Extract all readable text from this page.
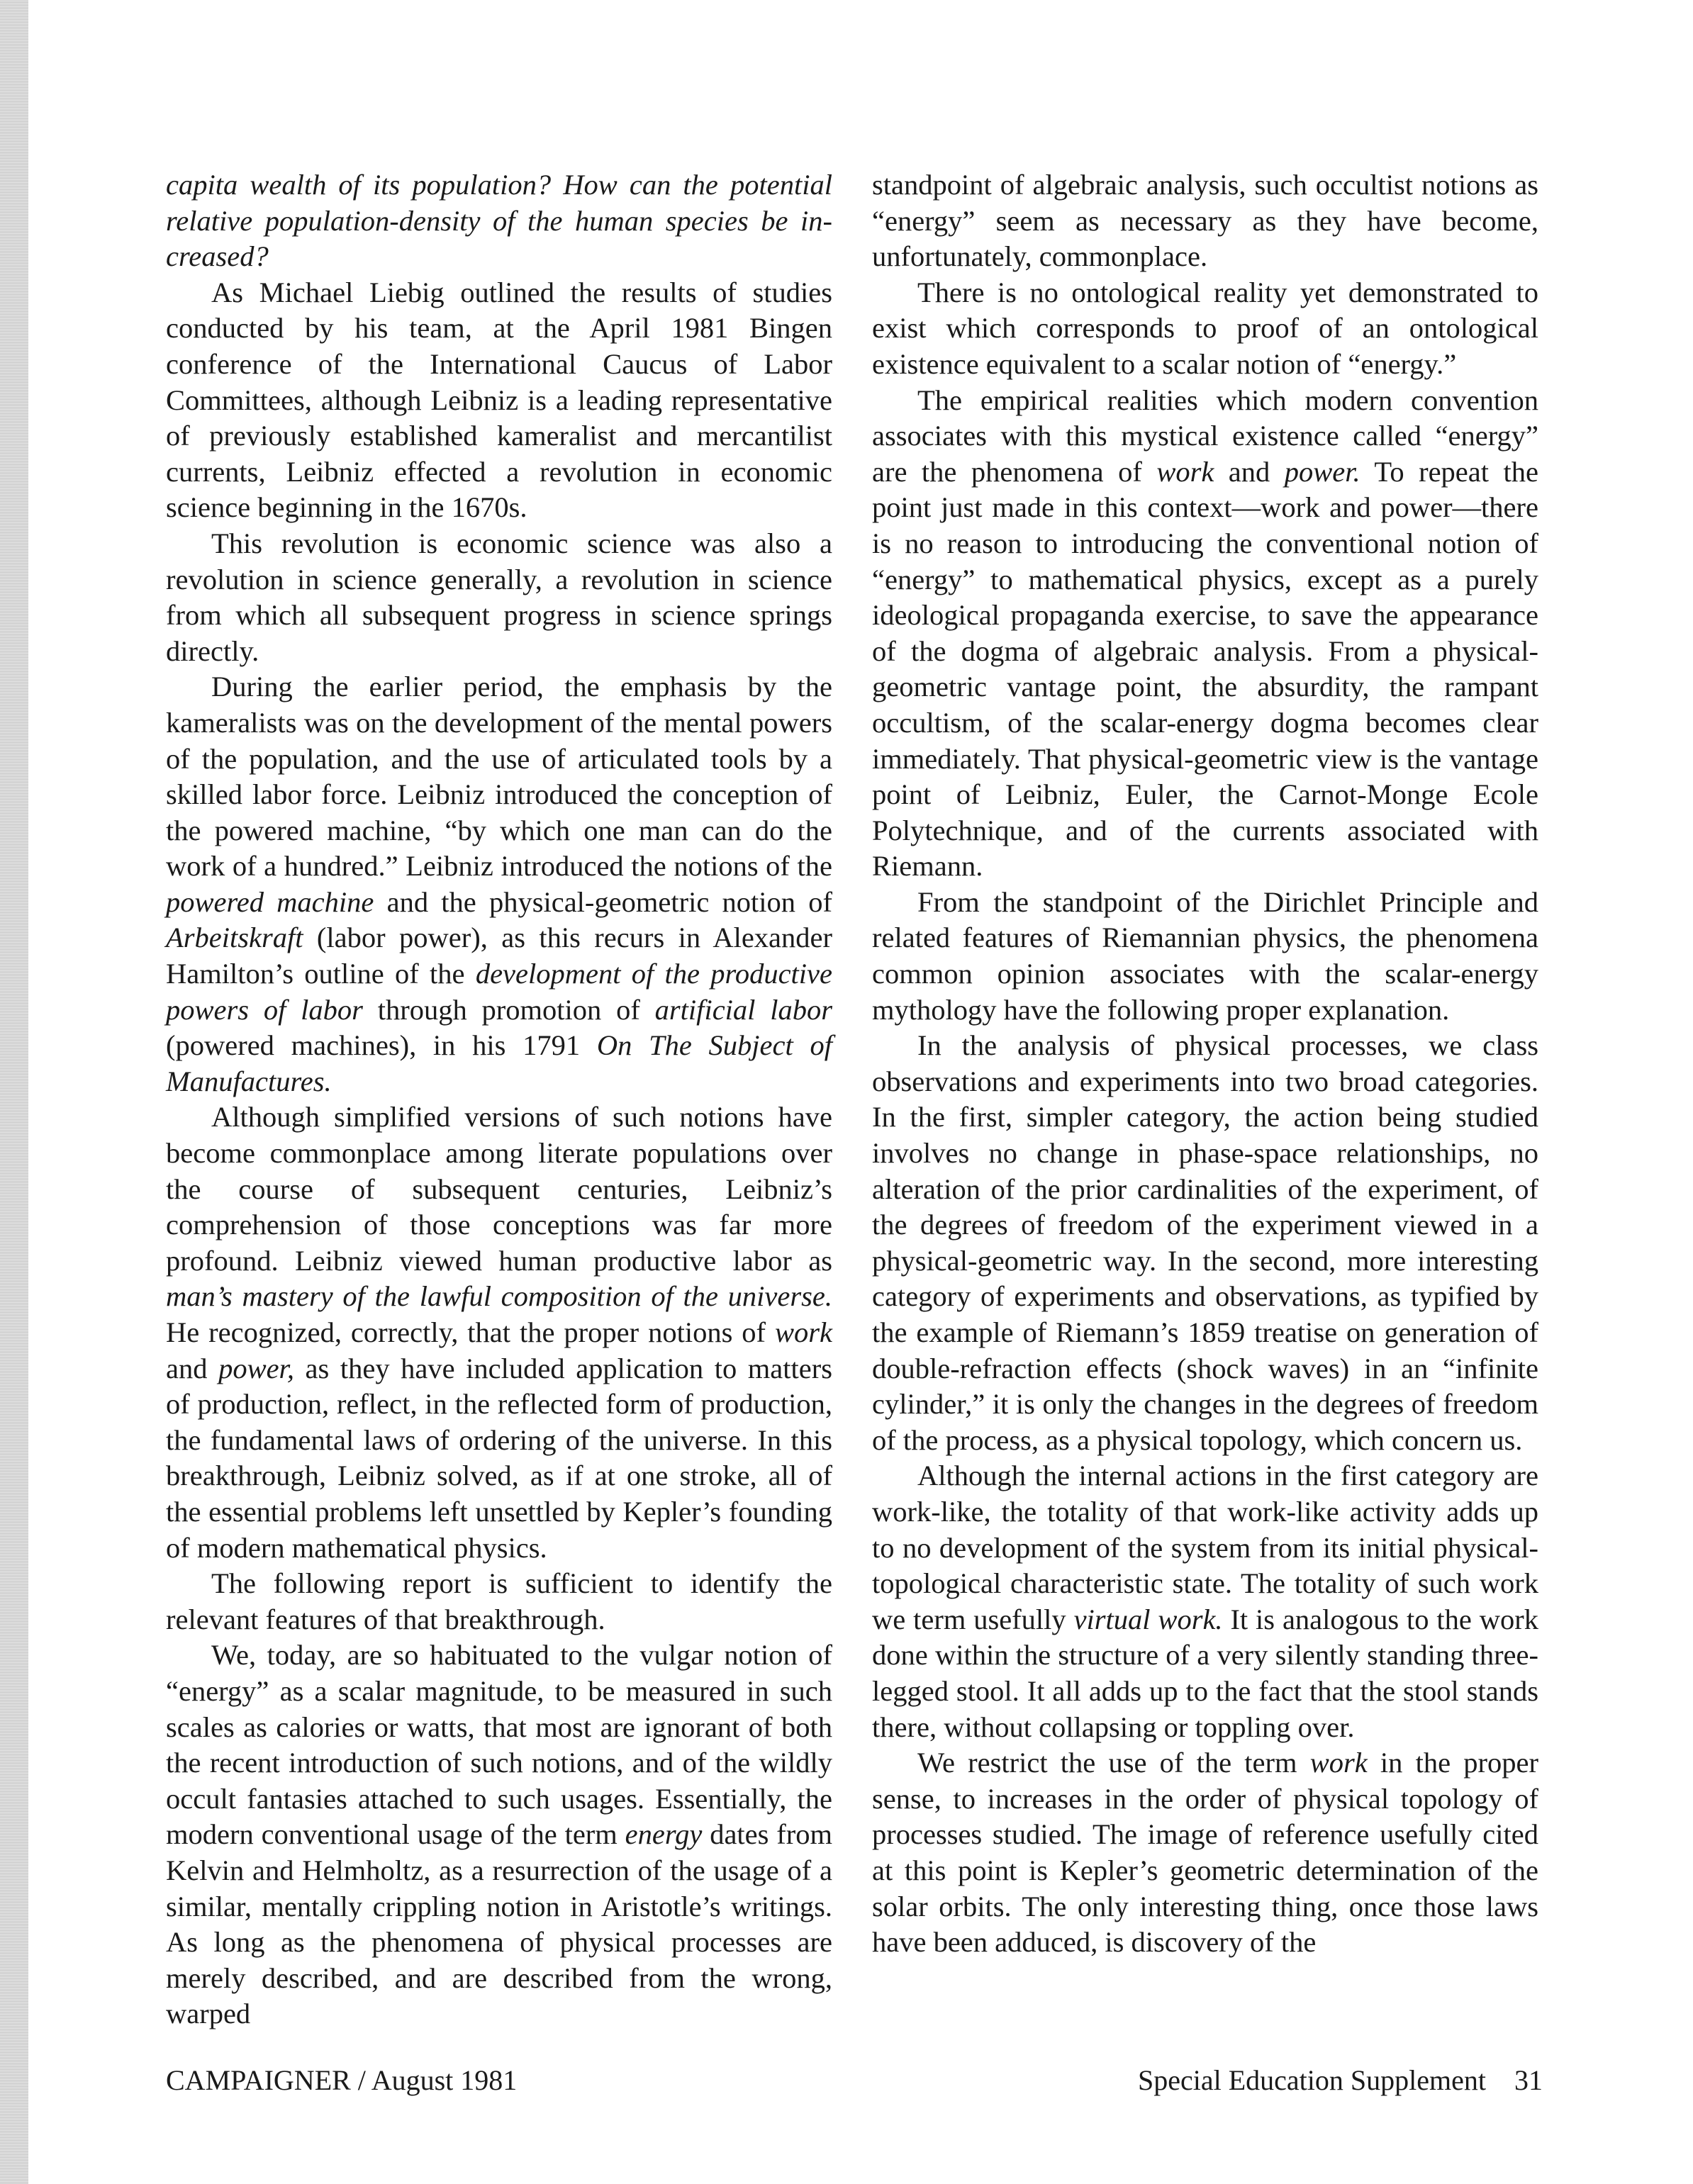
capita wealth of its population? How can the potential relative population-density of the human species be increased?

As Michael Liebig outlined the results of studies conducted by his team, at the April 1981 Bingen conference of the International Caucus of Labor Committees, although Leibniz is a leading representative of previously established kameralist and mercantilist currents, Leibniz effected a revolution in economic science beginning in the 1670s.

This revolution is economic science was also a revolution in science generally, a revolution in science from which all subsequent progress in science springs directly.

During the earlier period, the emphasis by the kameralists was on the development of the mental powers of the population, and the use of articulated tools by a skilled labor force. Leibniz introduced the conception of the powered machine, “by which one man can do the work of a hundred.” Leibniz introduced the notions of the powered machine and the physical-geometric notion of Arbeitskraft (labor power), as this recurs in Alexander Hamilton’s outline of the development of the productive powers of labor through promotion of artificial labor (powered machines), in his 1791 On The Subject of Manufactures.

Although simplified versions of such notions have become commonplace among literate populations over the course of subsequent centuries, Leibniz’s comprehension of those conceptions was far more profound. Leibniz viewed human productive labor as man’s mastery of the lawful composition of the universe. He recognized, correctly, that the proper notions of work and power, as they have included application to matters of production, reflect, in the reflected form of production, the fundamental laws of ordering of the universe. In this breakthrough, Leibniz solved, as if at one stroke, all of the essential problems left unsettled by Kepler’s founding of modern mathematical physics.

The following report is sufficient to identify the relevant features of that breakthrough.

We, today, are so habituated to the vulgar notion of “energy” as a scalar magnitude, to be measured in such scales as calories or watts, that most are ignorant of both the recent introduction of such notions, and of the wildly occult fantasies attached to such usages. Essentially, the modern conventional usage of the term energy dates from Kelvin and Helmholtz, as a resurrection of the usage of a similar, mentally crippling notion in Aristotle’s writings. As long as the phenomena of physical processes are merely described, and are described from the wrong, warped

standpoint of algebraic analysis, such occultist notions as “energy” seem as necessary as they have become, unfortunately, commonplace.

There is no ontological reality yet demonstrated to exist which corresponds to proof of an ontological existence equivalent to a scalar notion of “energy.”

The empirical realities which modern convention associates with this mystical existence called “energy” are the phenomena of work and power. To repeat the point just made in this context—work and power—there is no reason to introducing the conventional notion of “energy” to mathematical physics, except as a purely ideological propaganda exercise, to save the appearance of the dogma of algebraic analysis. From a physical-geometric vantage point, the absurdity, the rampant occultism, of the scalar-energy dogma becomes clear immediately. That physical-geometric view is the vantage point of Leibniz, Euler, the Carnot-Monge Ecole Polytechnique, and of the currents associated with Riemann.

From the standpoint of the Dirichlet Principle and related features of Riemannian physics, the phenomena common opinion associates with the scalar-energy mythology have the following proper explanation.

In the analysis of physical processes, we class observations and experiments into two broad categories. In the first, simpler category, the action being studied involves no change in phase-space relationships, no alteration of the prior cardinalities of the experiment, of the degrees of freedom of the experiment viewed in a physical-geometric way. In the second, more interesting category of experiments and observations, as typified by the example of Riemann’s 1859 treatise on generation of double-refraction effects (shock waves) in an “infinite cylinder,” it is only the changes in the degrees of freedom of the process, as a physical topology, which concern us.

Although the internal actions in the first category are work-like, the totality of that work-like activity adds up to no development of the system from its initial physical-topological characteristic state. The totality of such work we term usefully virtual work. It is analogous to the work done within the structure of a very silently standing three-legged stool. It all adds up to the fact that the stool stands there, without collapsing or toppling over.

We restrict the use of the term work in the proper sense, to increases in the order of physical topology of processes studied. The image of reference usefully cited at this point is Kepler’s geometric determination of the solar orbits. The only interesting thing, once those laws have been adduced, is discovery of the

CAMPAIGNER / August 1981	Special Education Supplement 31
